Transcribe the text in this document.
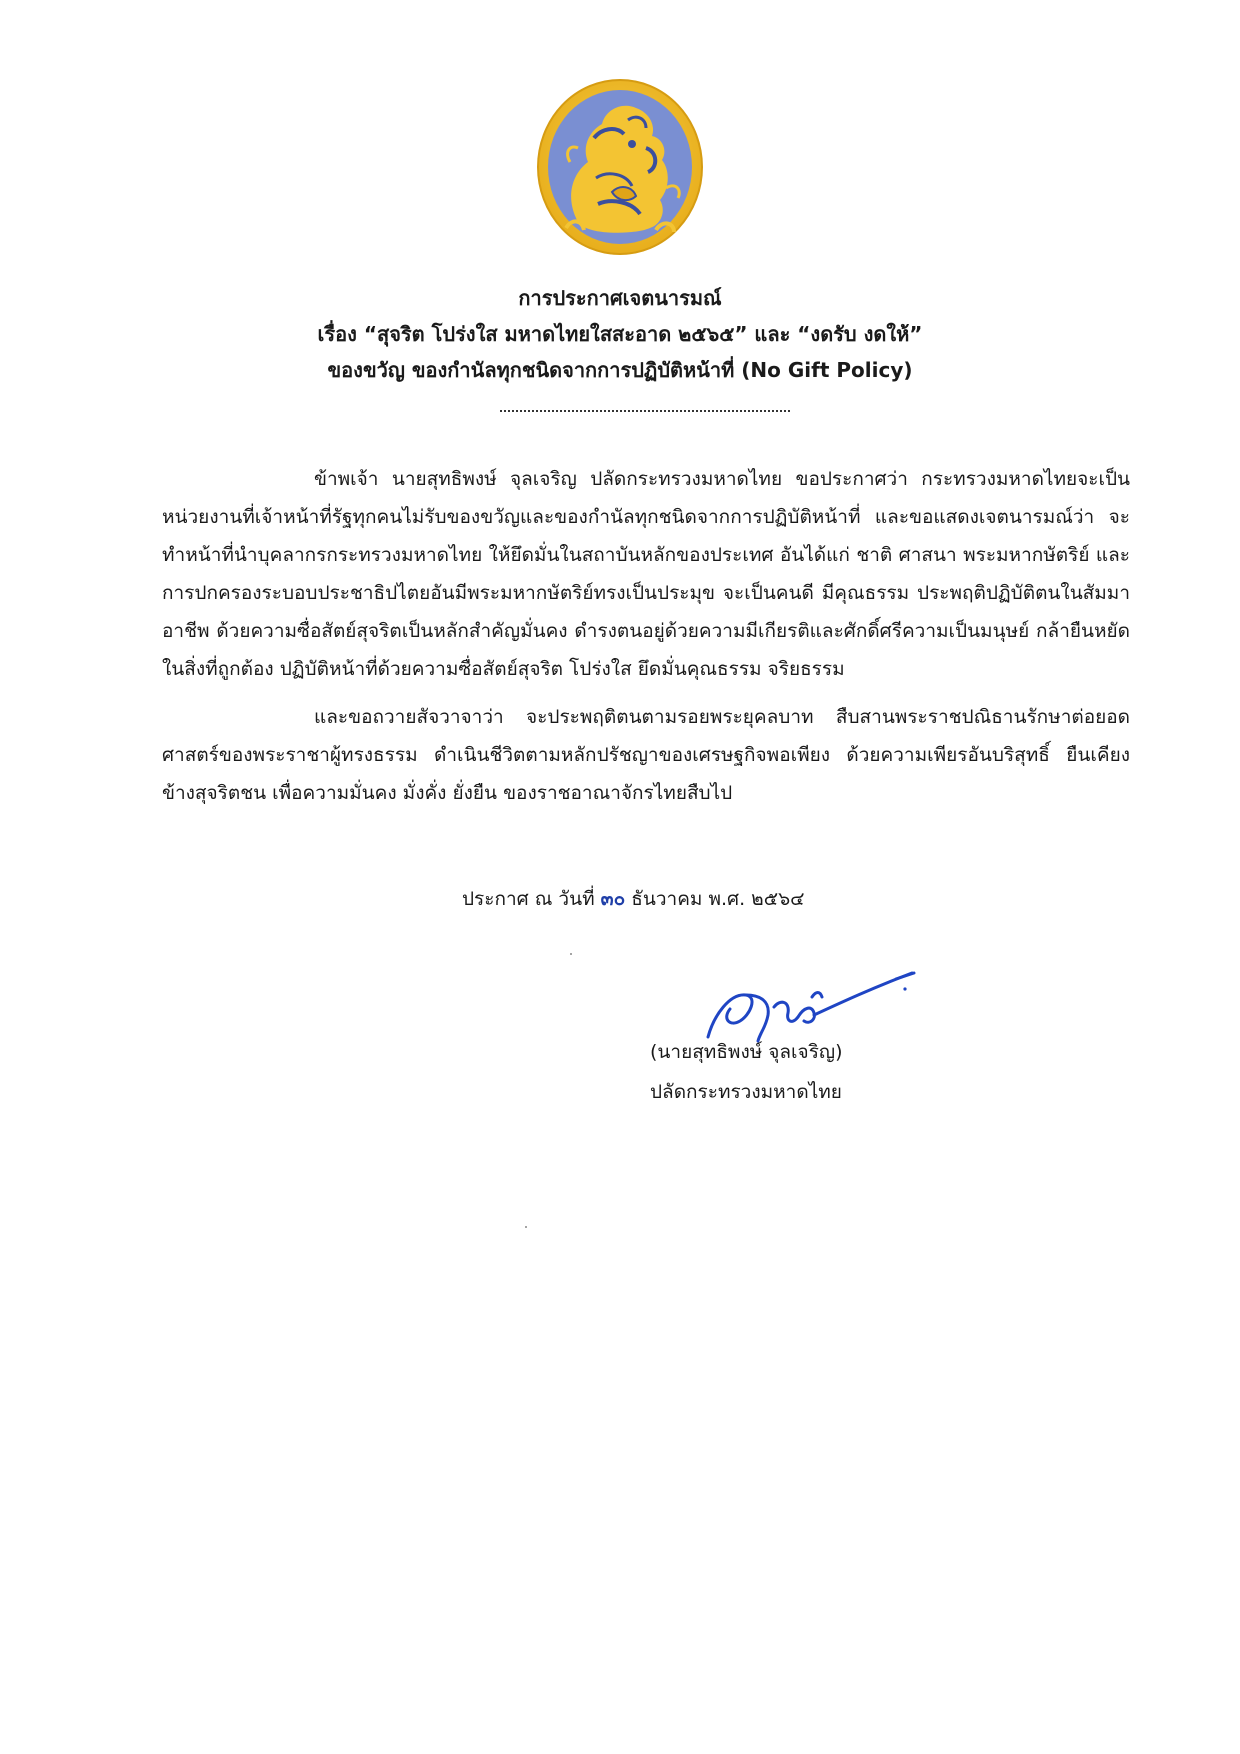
การประกาศเจตนารมณ์
เรื่อง “สุจริต โปร่งใส มหาดไทยใสสะอาด ๒๕๖๕” และ “งดรับ งดให้”
ของขวัญ ของกำนัลทุกชนิดจากการปฏิบัติหน้าที่ (No Gift Policy)

ข้าพเจ้า นายสุทธิพงษ์ จุลเจริญ ปลัดกระทรวงมหาดไทย ขอประกาศว่า กระทรวงมหาดไทยจะเป็นหน่วยงานที่เจ้าหน้าที่รัฐทุกคนไม่รับของขวัญและของกำนัลทุกชนิดจากการปฏิบัติหน้าที่ และขอแสดงเจตนารมณ์ว่า จะทำหน้าที่นำบุคลากรกระทรวงมหาดไทย ให้ยึดมั่นในสถาบันหลักของประเทศ อันได้แก่ ชาติ ศาสนา พระมหากษัตริย์ และการปกครองระบอบประชาธิปไตยอันมีพระมหากษัตริย์ทรงเป็นประมุข จะเป็นคนดี มีคุณธรรม ประพฤติปฏิบัติตนในสัมมาอาชีพ ด้วยความซื่อสัตย์สุจริตเป็นหลักสำคัญมั่นคง ดำรงตนอยู่ด้วยความมีเกียรติและศักดิ์ศรีความเป็นมนุษย์ กล้ายืนหยัดในสิ่งที่ถูกต้อง ปฏิบัติหน้าที่ด้วยความซื่อสัตย์สุจริต โปร่งใส ยึดมั่นคุณธรรม จริยธรรม

และขอถวายสัจวาจาว่า จะประพฤติตนตามรอยพระยุคลบาท สืบสานพระราชปณิธานรักษาต่อยอดศาสตร์ของพระราชาผู้ทรงธรรม ดำเนินชีวิตตามหลักปรัชญาของเศรษฐกิจพอเพียง ด้วยความเพียรอันบริสุทธิ์ ยืนเคียงข้างสุจริตชน เพื่อความมั่นคง มั่งคั่ง ยั่งยืน ของราชอาณาจักรไทยสืบไป

ประกาศ ณ วันที่ ๓๐ ธันวาคม พ.ศ. ๒๕๖๔
(นายสุทธิพงษ์ จุลเจริญ)
ปลัดกระทรวงมหาดไทย
